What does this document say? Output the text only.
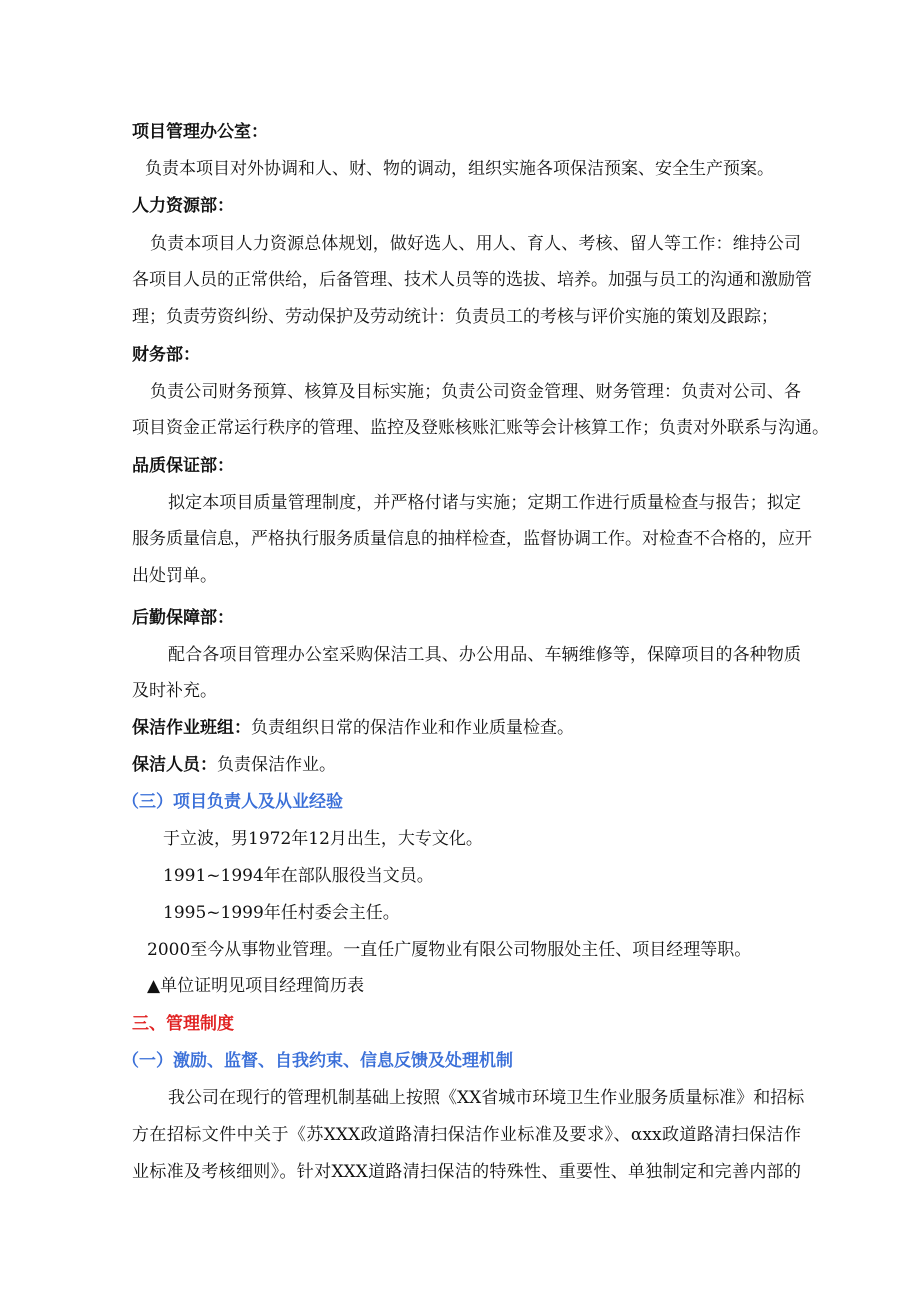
项目管理办公室：

负责本项目对外协调和人、财、物的调动，组织实施各项保洁预案、安全生产预案。

人力资源部：

负责本项目人力资源总体规划，做好选人、用人、育人、考核、留人等工作：维持公司

各项目人员的正常供给，后备管理、技术人员等的选拔、培养。加强与员工的沟通和激励管

理；负责劳资纠纷、劳动保护及劳动统计：负责员工的考核与评价实施的策划及跟踪；

财务部：

负责公司财务预算、核算及目标实施；负责公司资金管理、财务管理：负责对公司、各

项目资金正常运行秩序的管理、监控及登账核账汇账等会计核算工作；负责对外联系与沟通。

品质保证部：

拟定本项目质量管理制度，并严格付诸与实施；定期工作进行质量检查与报告；拟定

服务质量信息，严格执行服务质量信息的抽样检查，监督协调工作。对检查不合格的，应开

出处罚单。

后勤保障部：

配合各项目管理办公室采购保洁工具、办公用品、车辆维修等，保障项目的各种物质

及时补充。

保洁作业班组：负责组织日常的保洁作业和作业质量检查。

保洁人员：负责保洁作业。

（三）项目负责人及从业经验

于立波，男1972年12月出生，大专文化。

1991~1994年在部队服役当文员。

1995~1999年任村委会主任。

2000至今从事物业管理。一直任广厦物业有限公司物服处主任、项目经理等职。

▲单位证明见项目经理简历表

三、管理制度

（一）激励、监督、自我约束、信息反馈及处理机制

我公司在现行的管理机制基础上按照《XX省城市环境卫生作业服务质量标准》和招标

方在招标文件中关于《苏XXX政道路清扫保洁作业标准及要求》、αxx政道路清扫保洁作

业标准及考核细则》。针对XXX道路清扫保洁的特殊性、重要性、单独制定和完善内部的
